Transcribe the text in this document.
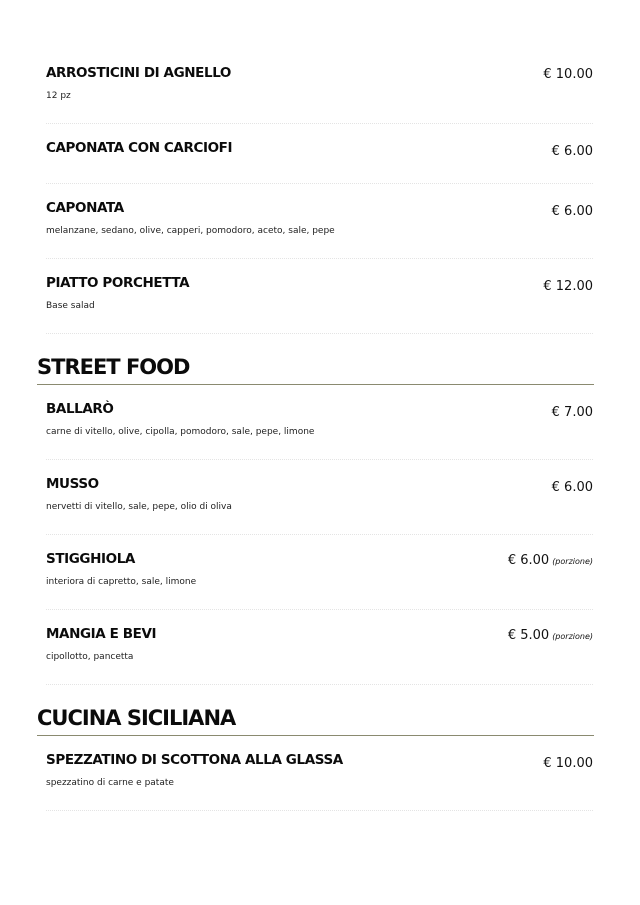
ARROSTICINI DI AGNELLO
12 pz
€ 10.00
CAPONATA CON CARCIOFI	€ 6.00
CAPONATA
melanzane, sedano, olive, capperi, pomodoro, aceto, sale, pepe
€ 6.00
PIATTO PORCHETTA
Base salad
€ 12.00
STREET FOOD
BALLARÒ
carne di vitello, olive, cipolla, pomodoro, sale, pepe, limone
€ 7.00
MUSSO
nervetti di vitello, sale, pepe, olio di oliva
€ 6.00
STIGGHIOLA
interiora di capretto, sale, limone
€ 6.00 (porzione)
MANGIA E BEVI
cipollotto, pancetta
€ 5.00 (porzione)
CUCINA SICILIANA
SPEZZATINO DI SCOTTONA ALLA GLASSA
spezzatino di carne e patate
€ 10.00
